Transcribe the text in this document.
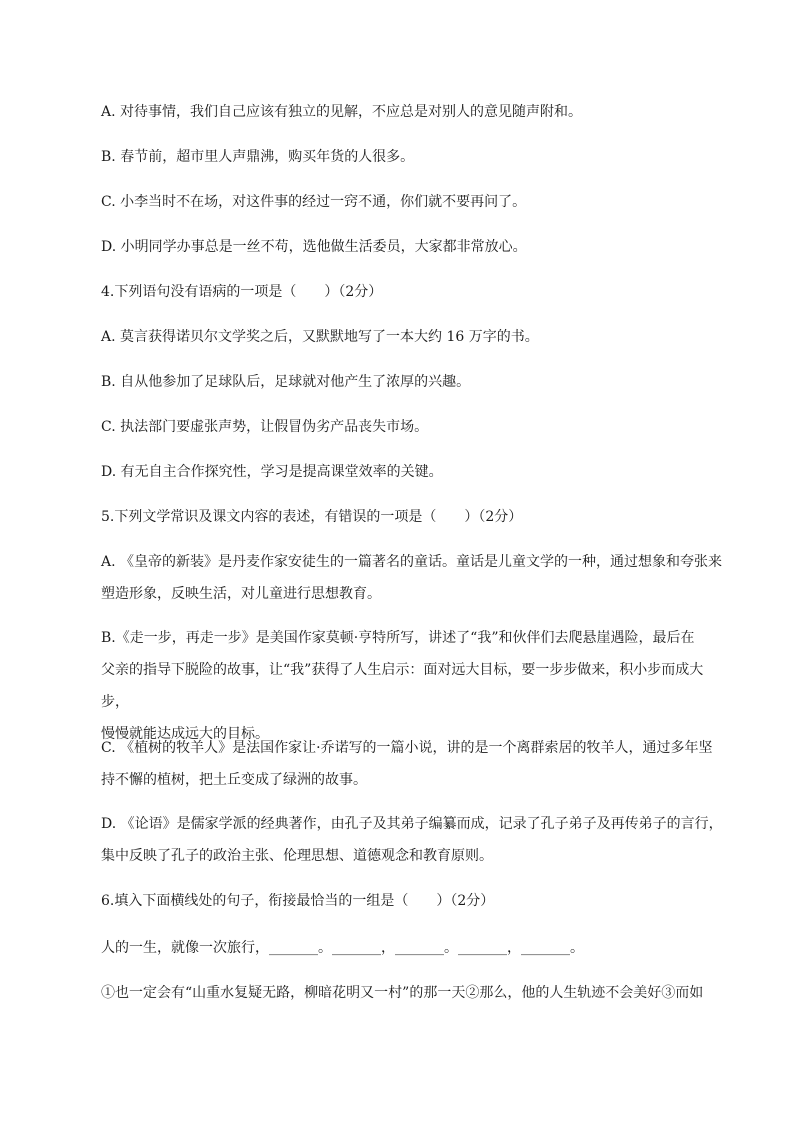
A. 对待事情，我们自己应该有独立的见解，不应总是对别人的意见随声附和。
B. 春节前，超市里人声鼎沸，购买年货的人很多。
C. 小李当时不在场，对这件事的经过一窍不通，你们就不要再问了。
D. 小明同学办事总是一丝不苟，选他做生活委员，大家都非常放心。
4.下列语句没有语病的一项是（　　）（2分）
A. 莫言获得诺贝尔文学奖之后，又默默地写了一本大约 16 万字的书。
B. 自从他参加了足球队后，足球就对他产生了浓厚的兴趣。
C. 执法部门要虚张声势，让假冒伪劣产品丧失市场。
D. 有无自主合作探究性，学习是提高课堂效率的关键。
5.下列文学常识及课文内容的表述，有错误的一项是（　　）（2分）
A. 《皇帝的新装》是丹麦作家安徒生的一篇著名的童话。童话是儿童文学的一种，通过想象和夸张来
塑造形象，反映生活，对儿童进行思想教育。
B.《走一步，再走一步》是美国作家莫顿·亨特所写，讲述了“我”和伙伴们去爬悬崖遇险，最后在
父亲的指导下脱险的故事，让“我”获得了人生启示：面对远大目标，要一步步做来，积小步而成大步，
慢慢就能达成远大的目标。
C. 《植树的牧羊人》是法国作家让·乔诺写的一篇小说，讲的是一个离群索居的牧羊人，通过多年坚
持不懈的植树，把土丘变成了绿洲的故事。
D. 《论语》是儒家学派的经典著作，由孔子及其弟子编纂而成，记录了孔子弟子及再传弟子的言行，
集中反映了孔子的政治主张、伦理思想、道德观念和教育原则。
6.填入下面横线处的句子，衔接最恰当的一组是（　　）（2分）
人的一生，就像一次旅行，_______。_______，_______。_______，_______。
①也一定会有“山重水复疑无路，柳暗花明又一村”的那一天②那么，他的人生轨迹不会美好③而如
